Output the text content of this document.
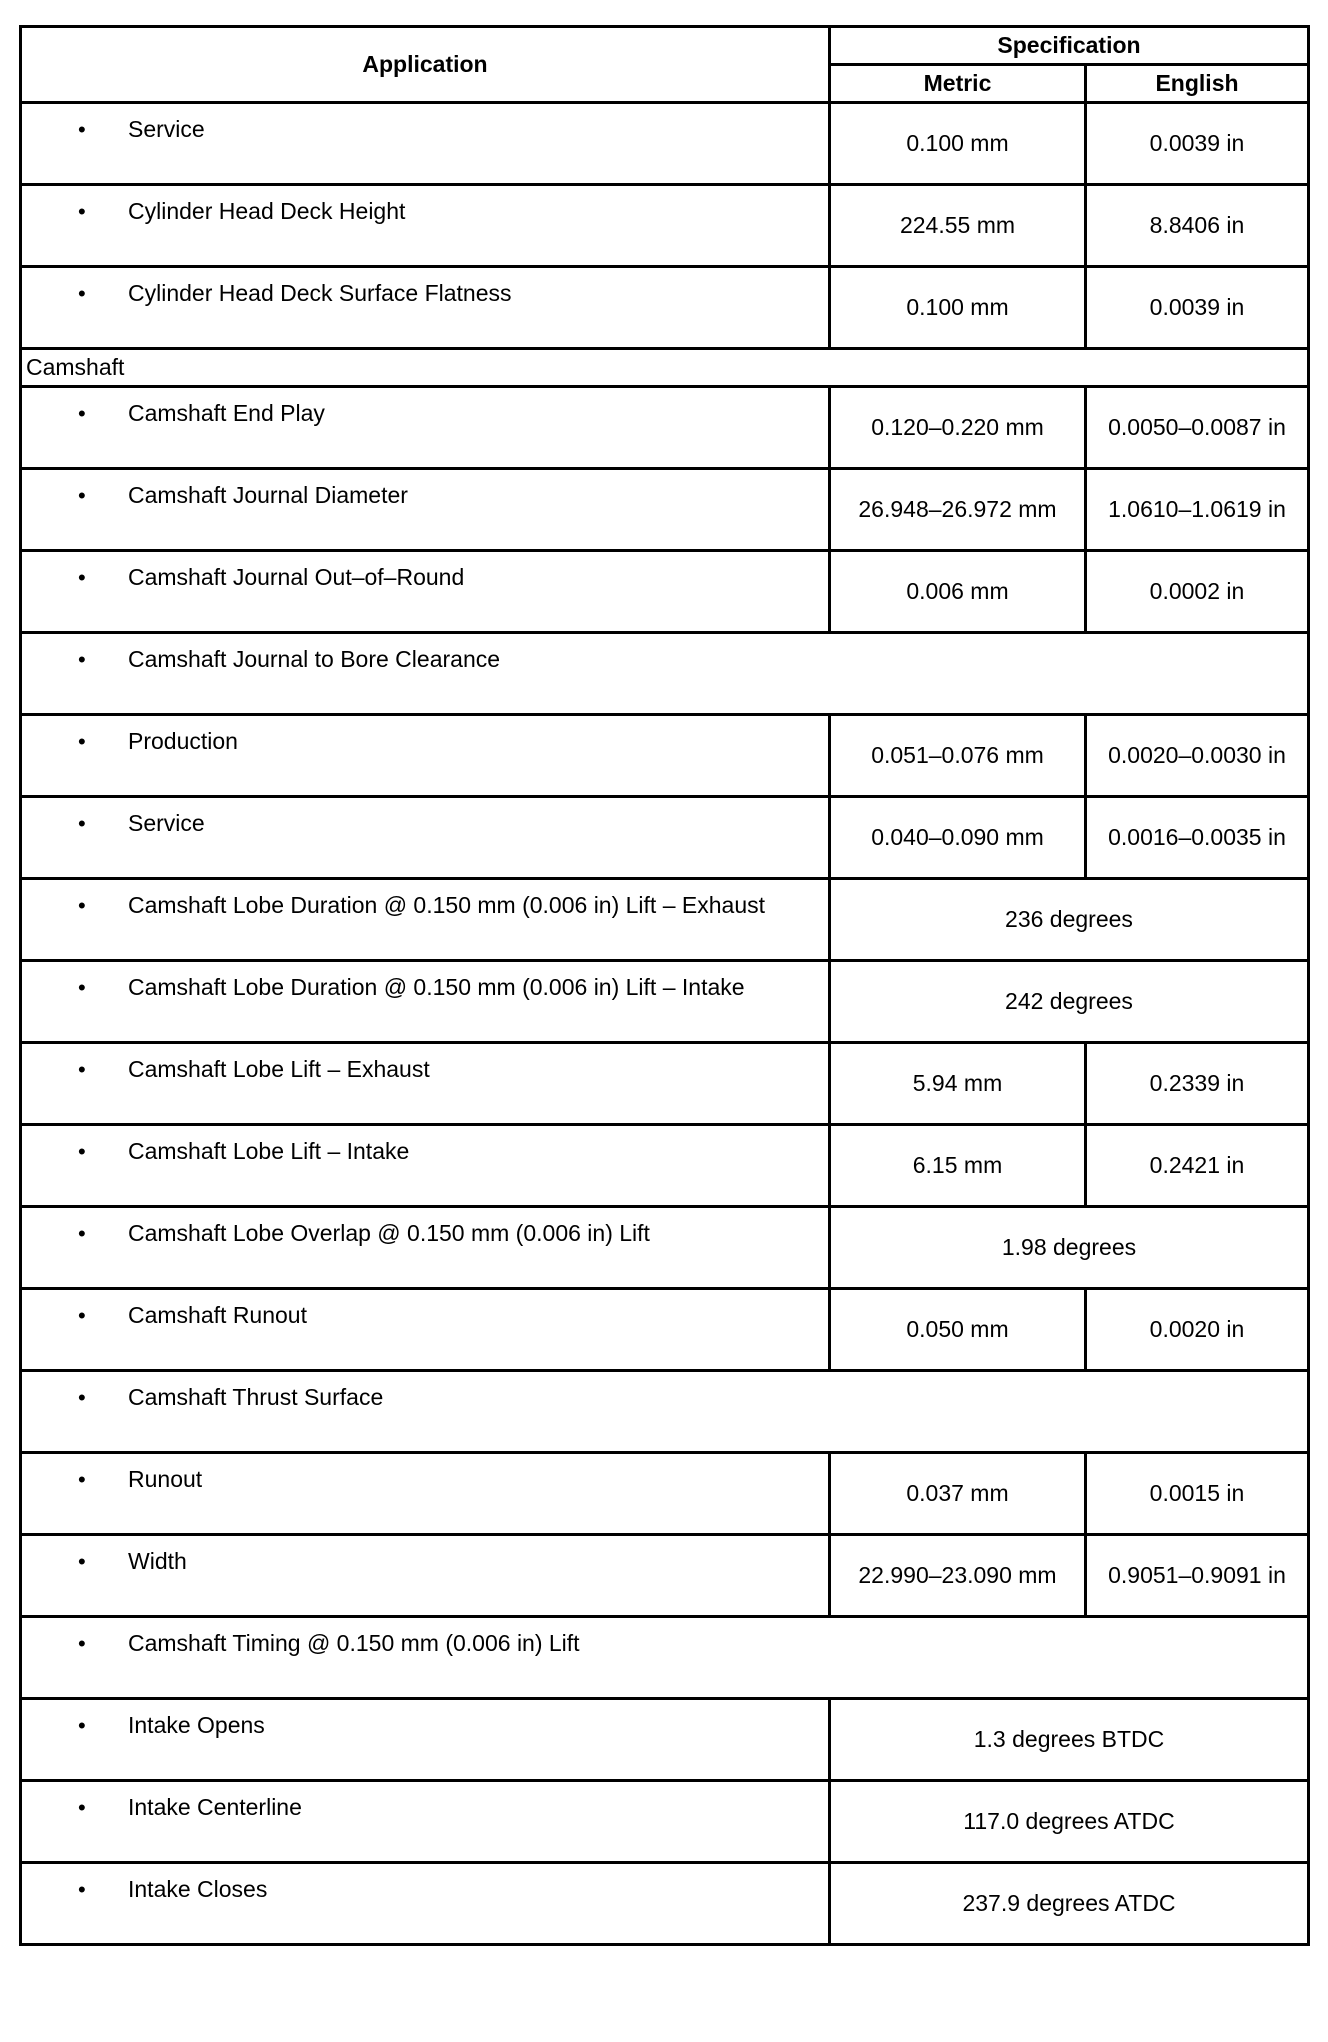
Application	Specification	
	Metric	English

• Service	0.100 mm	0.0039 in

• Cylinder Head Deck Height	224.55 mm	8.8406 in

• Cylinder Head Deck Surface Flatness	0.100 mm	0.0039 in
Camshaft		

• Camshaft End Play	0.120–0.220 mm	0.0050–0.0087 in

• Camshaft Journal Diameter	26.948–26.972 mm	1.0610–1.0619 in

• Camshaft Journal Out–of–Round	0.006 mm	0.0002 in

• Camshaft Journal to Bore Clearance		

• Production	0.051–0.076 mm	0.0020–0.0030 in

• Service	0.040–0.090 mm	0.0016–0.0035 in

• Camshaft Lobe Duration @ 0.150 mm (0.006 in) Lift – Exhaust	236 degrees	

• Camshaft Lobe Duration @ 0.150 mm (0.006 in) Lift – Intake	242 degrees	

• Camshaft Lobe Lift – Exhaust	5.94 mm	0.2339 in

• Camshaft Lobe Lift – Intake	6.15 mm	0.2421 in

• Camshaft Lobe Overlap @ 0.150 mm (0.006 in) Lift	1.98 degrees	

• Camshaft Runout	0.050 mm	0.0020 in

• Camshaft Thrust Surface		

• Runout	0.037 mm	0.0015 in

• Width	22.990–23.090 mm	0.9051–0.9091 in

• Camshaft Timing @ 0.150 mm (0.006 in) Lift		

• Intake Opens	1.3 degrees BTDC	

• Intake Centerline	117.0 degrees ATDC	

• Intake Closes	237.9 degrees ATDC	
